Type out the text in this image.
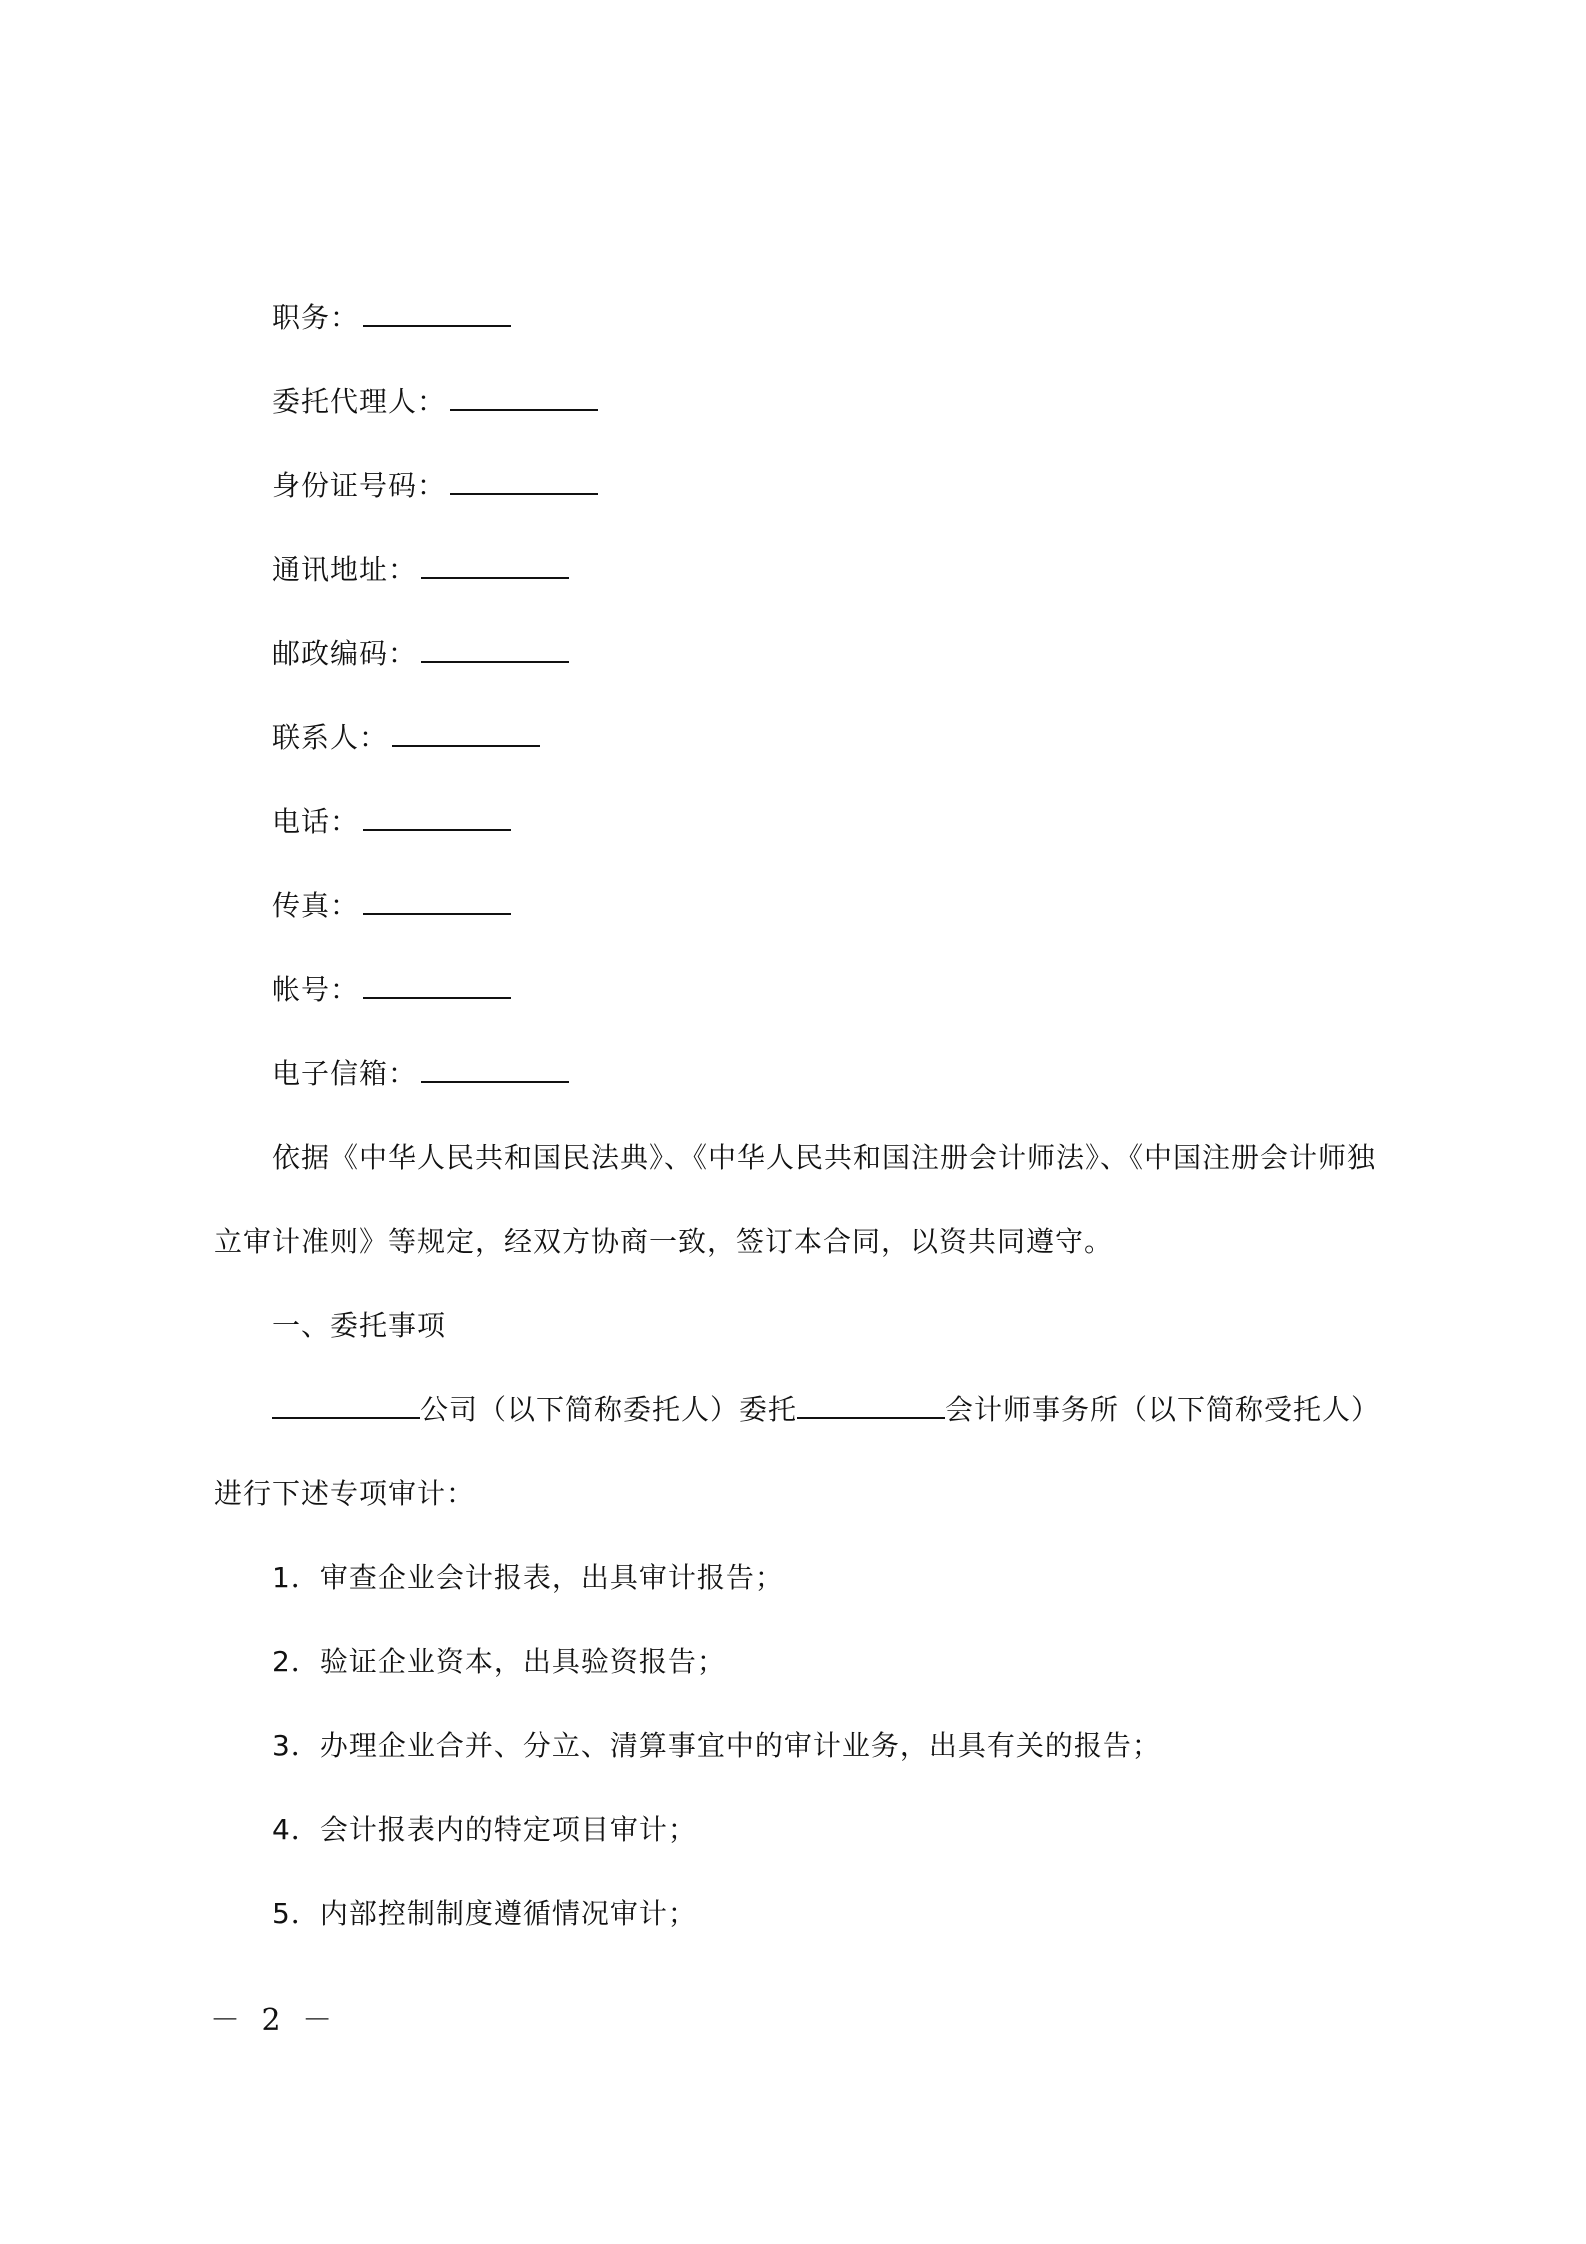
职务：
委托代理人：
身份证号码：
通讯地址：
邮政编码：
联系人：
电话：
传真：
帐号：
电子信箱：
依据《中华人民共和国民法典》、《中华人民共和国注册会计师法》、《中国注册会计师独
立审计准则》等规定，经双方协商一致，签订本合同，以资共同遵守。
一、委托事项
公司（以下简称委托人）委托	会计师事务所（以下简称受托人）
进行下述专项审计：
1．审查企业会计报表，出具审计报告；
2．验证企业资本，出具验资报告；
3．办理企业合并、分立、清算事宜中的审计业务，出具有关的报告；
4．会计报表内的特定项目审计；
5．内部控制制度遵循情况审计；
－ 2 －
